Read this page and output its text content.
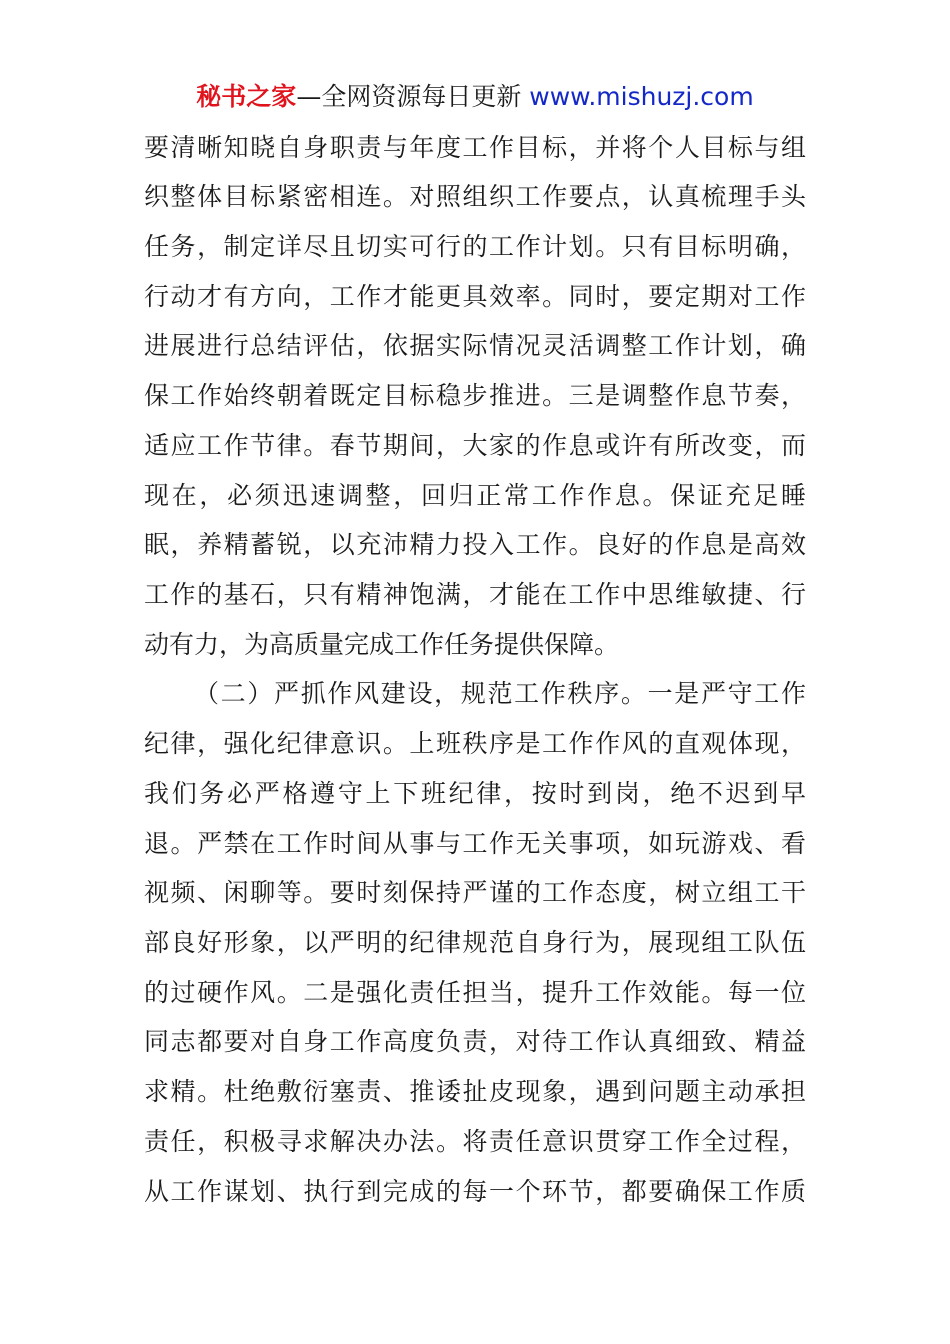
秘书之家—全网资源每日更新 www.mishuzj.com
要清晰知晓自身职责与年度工作目标，并将个人目标与组
织整体目标紧密相连。对照组织工作要点，认真梳理手头
任务，制定详尽且切实可行的工作计划。只有目标明确，
行动才有方向，工作才能更具效率。同时，要定期对工作
进展进行总结评估，依据实际情况灵活调整工作计划，确
保工作始终朝着既定目标稳步推进。三是调整作息节奏，
适应工作节律。春节期间，大家的作息或许有所改变，而
现在，必须迅速调整，回归正常工作作息。保证充足睡
眠，养精蓄锐，以充沛精力投入工作。良好的作息是高效
工作的基石，只有精神饱满，才能在工作中思维敏捷、行
动有力，为高质量完成工作任务提供保障。
（二）严抓作风建设，规范工作秩序。一是严守工作
纪律，强化纪律意识。上班秩序是工作作风的直观体现，
我们务必严格遵守上下班纪律，按时到岗，绝不迟到早
退。严禁在工作时间从事与工作无关事项，如玩游戏、看
视频、闲聊等。要时刻保持严谨的工作态度，树立组工干
部良好形象，以严明的纪律规范自身行为，展现组工队伍
的过硬作风。二是强化责任担当，提升工作效能。每一位
同志都要对自身工作高度负责，对待工作认真细致、精益
求精。杜绝敷衍塞责、推诿扯皮现象，遇到问题主动承担
责任，积极寻求解决办法。将责任意识贯穿工作全过程，
从工作谋划、执行到完成的每一个环节，都要确保工作质
